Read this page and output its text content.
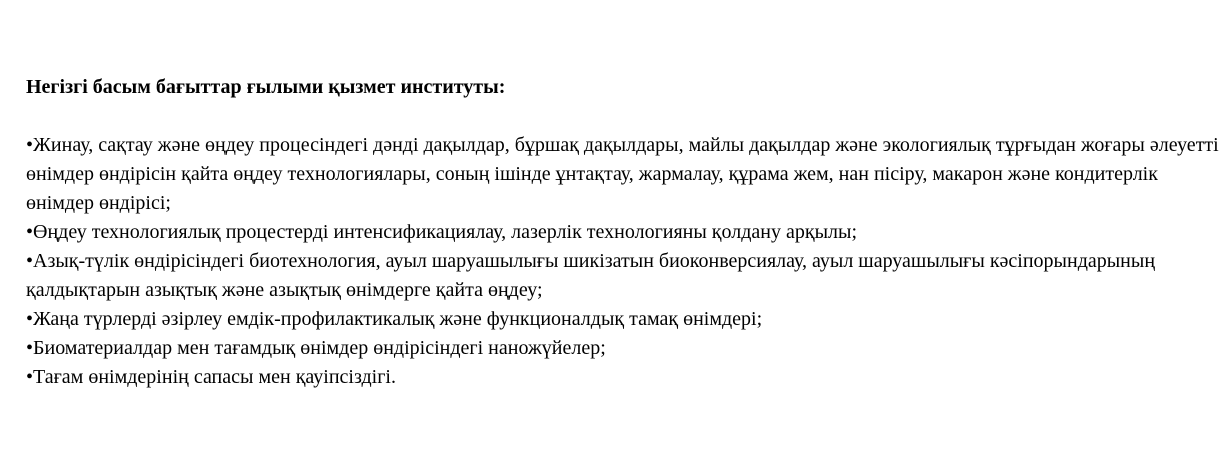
Негізгі басым бағыттар ғылыми қызмет институты:

•Жинау, сақтау және өңдеу процесіндегі дәнді дақылдар, бұршақ дақылдары, майлы дақылдар және экологиялық тұрғыдан жоғары әлеуетті өнімдер өндірісін қайта өңдеу технологиялары, соның ішінде ұнтақтау, жармалау, құрама жем, нан пісіру, макарон және кондитерлік өнімдер өндірісі;
•Өңдеу технологиялық процестерді интенсификациялау, лазерлік технологияны қолдану арқылы;
•Азық-түлік өндірісіндегі биотехнология, ауыл шаруашылығы шикізатын биоконверсиялау, ауыл шаруашылығы кәсіпорындарының қалдықтарын азықтық және азықтық өнімдерге қайта өңдеу;
•Жаңа түрлерді әзірлеу емдік-профилактикалық және функционалдық тамақ өнімдері;
•Биоматериалдар мен тағамдық өнімдер өндірісіндегі наножүйелер;
•Тағам өнімдерінің сапасы мен қауіпсіздігі.
